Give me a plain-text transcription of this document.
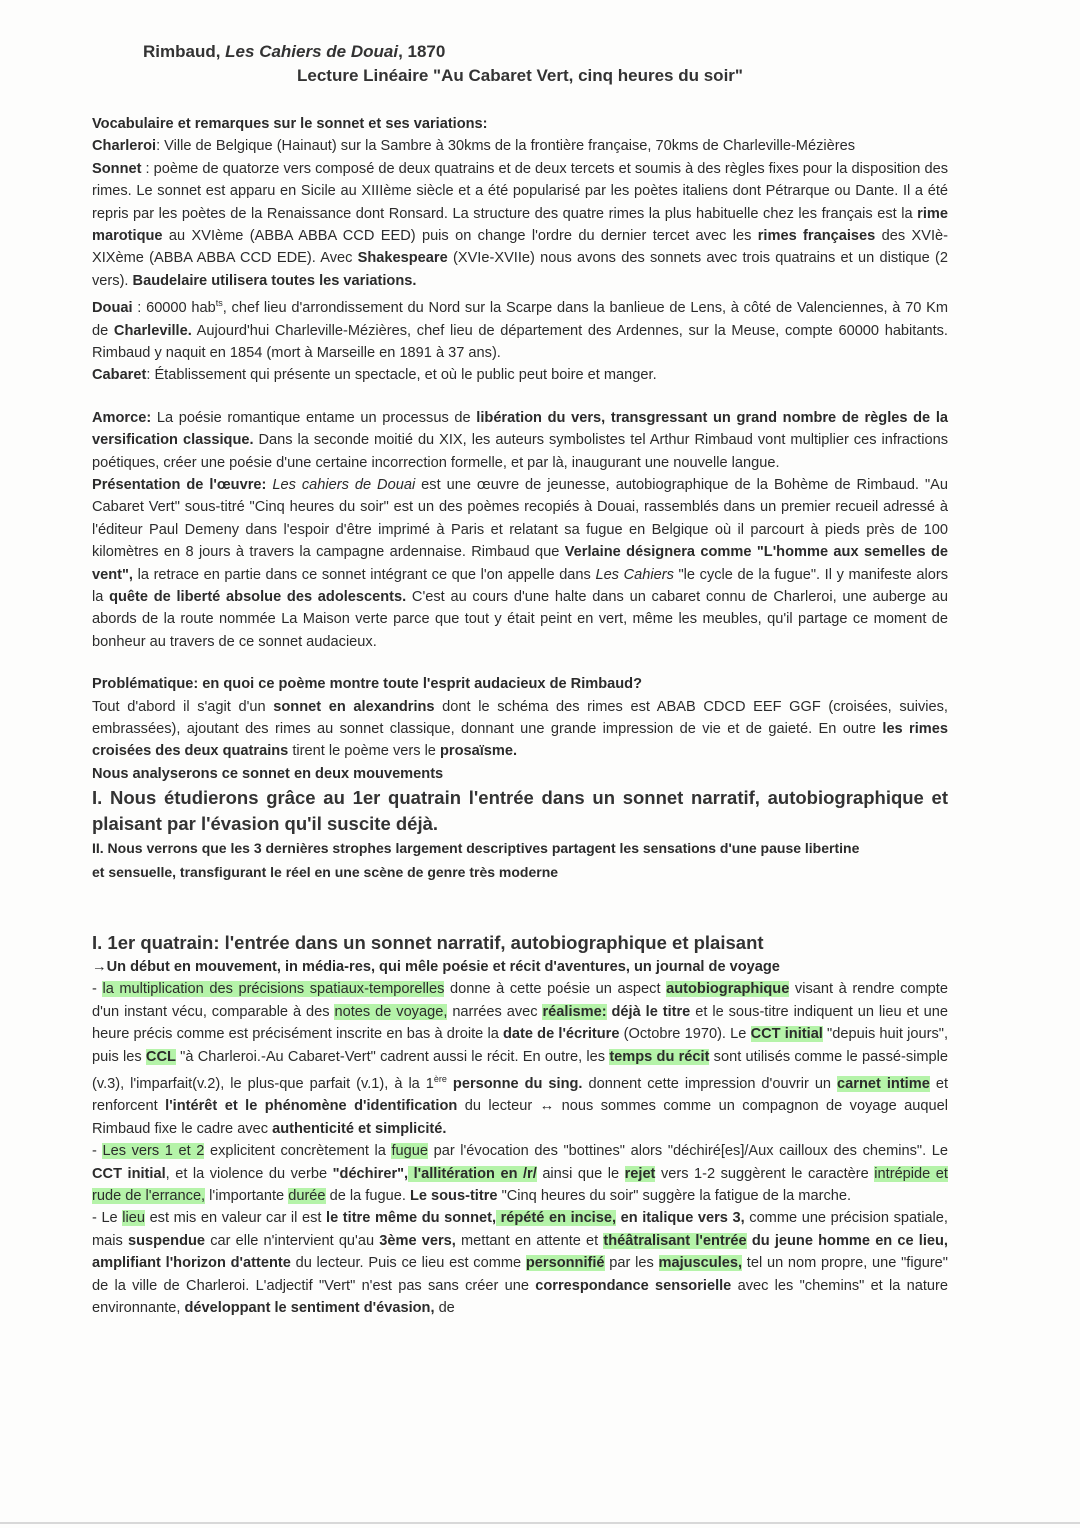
Rimbaud, Les Cahiers de Douai, 1870
Lecture Linéaire "Au Cabaret Vert, cinq heures du soir"

Vocabulaire et remarques sur le sonnet et ses variations:

Charleroi: Ville de Belgique (Hainaut) sur la Sambre à 30kms de la frontière française, 70kms de Charleville-Mézières

Sonnet : poème de quatorze vers composé de deux quatrains et de deux tercets et soumis à des règles fixes pour la disposition des rimes. Le sonnet est apparu en Sicile au XIIIème siècle et a été popularisé par les poètes italiens dont Pétrarque ou Dante. Il a été repris par les poètes de la Renaissance dont Ronsard. La structure des quatre rimes la plus habituelle chez les français est la rime marotique au XVIème (ABBA ABBA CCD EED) puis on change l'ordre du dernier tercet avec les rimes françaises des XVIè-XIXème (ABBA ABBA CCD EDE). Avec Shakespeare (XVIe-XVIIe) nous avons des sonnets avec trois quatrains et un distique (2 vers). Baudelaire utilisera toutes les variations.

Douai : 60000 hab$^{ts}$, chef lieu d'arrondissement du Nord sur la Scarpe dans la banlieue de Lens, à côté de Valenciennes, à 70 Km de Charleville. Aujourd'hui Charleville-Mézières, chef lieu de département des Ardennes, sur la Meuse, compte 60000 habitants. Rimbaud y naquit en 1854 (mort à Marseille en 1891 à 37 ans).

Cabaret: Établissement qui présente un spectacle, et où le public peut boire et manger.

Amorce: La poésie romantique entame un processus de libération du vers, transgressant un grand nombre de règles de la versification classique. Dans la seconde moitié du XIX, les auteurs symbolistes tel Arthur Rimbaud vont multiplier ces infractions poétiques, créer une poésie d'une certaine incorrection formelle, et par là, inaugurant une nouvelle langue.

Présentation de l'œuvre: Les cahiers de Douai est une œuvre de jeunesse, autobiographique de la Bohème de Rimbaud. "Au Cabaret Vert" sous-titré "Cinq heures du soir" est un des poèmes recopiés à Douai, rassemblés dans un premier recueil adressé à l'éditeur Paul Demeny dans l'espoir d'être imprimé à Paris et relatant sa fugue en Belgique où il parcourt à pieds près de 100 kilomètres en 8 jours à travers la campagne ardennaise. Rimbaud que Verlaine désignera comme "L'homme aux semelles de vent", la retrace en partie dans ce sonnet intégrant ce que l'on appelle dans Les Cahiers "le cycle de la fugue". Il y manifeste alors la quête de liberté absolue des adolescents. C'est au cours d'une halte dans un cabaret connu de Charleroi, une auberge au abords de la route nommée La Maison verte parce que tout y était peint en vert, même les meubles, qu'il partage ce moment de bonheur au travers de ce sonnet audacieux.

Problématique: en quoi ce poème montre toute l'esprit audacieux de Rimbaud?

Tout d'abord il s'agit d'un sonnet en alexandrins dont le schéma des rimes est ABAB CDCD EEF GGF (croisées, suivies, embrassées), ajoutant des rimes au sonnet classique, donnant une grande impression de vie et de gaieté. En outre les rimes croisées des deux quatrains tirent le poème vers le prosaïsme.

Nous analyserons ce sonnet en deux mouvements

I. Nous étudierons grâce au 1er quatrain l'entrée dans un sonnet narratif, autobiographique et plaisant par l'évasion qu'il suscite déjà.

II. Nous verrons que les 3 dernières strophes largement descriptives partagent les sensations d'une pause libertine
et sensuelle, transfigurant le réel en une scène de genre très moderne

I. 1er quatrain: l'entrée dans un sonnet narratif, autobiographique et plaisant

→Un début en mouvement, in média-res, qui mêle poésie et récit d'aventures, un journal de voyage

- la multiplication des précisions spatiaux-temporelles donne à cette poésie un aspect autobiographique visant à rendre compte d'un instant vécu, comparable à des notes de voyage, narrées avec réalisme: déjà le titre et le sous-titre indiquent un lieu et une heure précis comme est précisément inscrite en bas à droite la date de l'écriture (Octobre 1970). Le CCT initial "depuis huit jours", puis les CCL "à Charleroi.-Au Cabaret-Vert" cadrent aussi le récit. En outre, les temps du récit sont utilisés comme le passé-simple (v.3), l'imparfait(v.2), le plus-que parfait (v.1), à la 1ère personne du sing. donnent cette impression d'ouvrir un carnet intime et renforcent l'intérêt et le phénomène d'identification du lecteur ↔ nous sommes comme un compagnon de voyage auquel Rimbaud fixe le cadre avec authenticité et simplicité.

- Les vers 1 et 2 explicitent concrètement la fugue par l'évocation des "bottines" alors "déchiré[es]/Aux cailloux des chemins". Le CCT initial, et la violence du verbe "déchirer", l'allitération en /r/ ainsi que le rejet vers 1-2 suggèrent le caractère intrépide et rude de l'errance, l'importante durée de la fugue. Le sous-titre "Cinq heures du soir" suggère la fatigue de la marche.

- Le lieu est mis en valeur car il est le titre même du sonnet, répété en incise, en italique vers 3, comme une précision spatiale, mais suspendue car elle n'intervient qu'au 3ème vers, mettant en attente et théâtralisant l'entrée du jeune homme en ce lieu, amplifiant l'horizon d'attente du lecteur. Puis ce lieu est comme personnifié par les majuscules, tel un nom propre, une "figure" de la ville de Charleroi. L'adjectif "Vert" n'est pas sans créer une correspondance sensorielle avec les "chemins" et la nature environnante, développant le sentiment d'évasion, de
